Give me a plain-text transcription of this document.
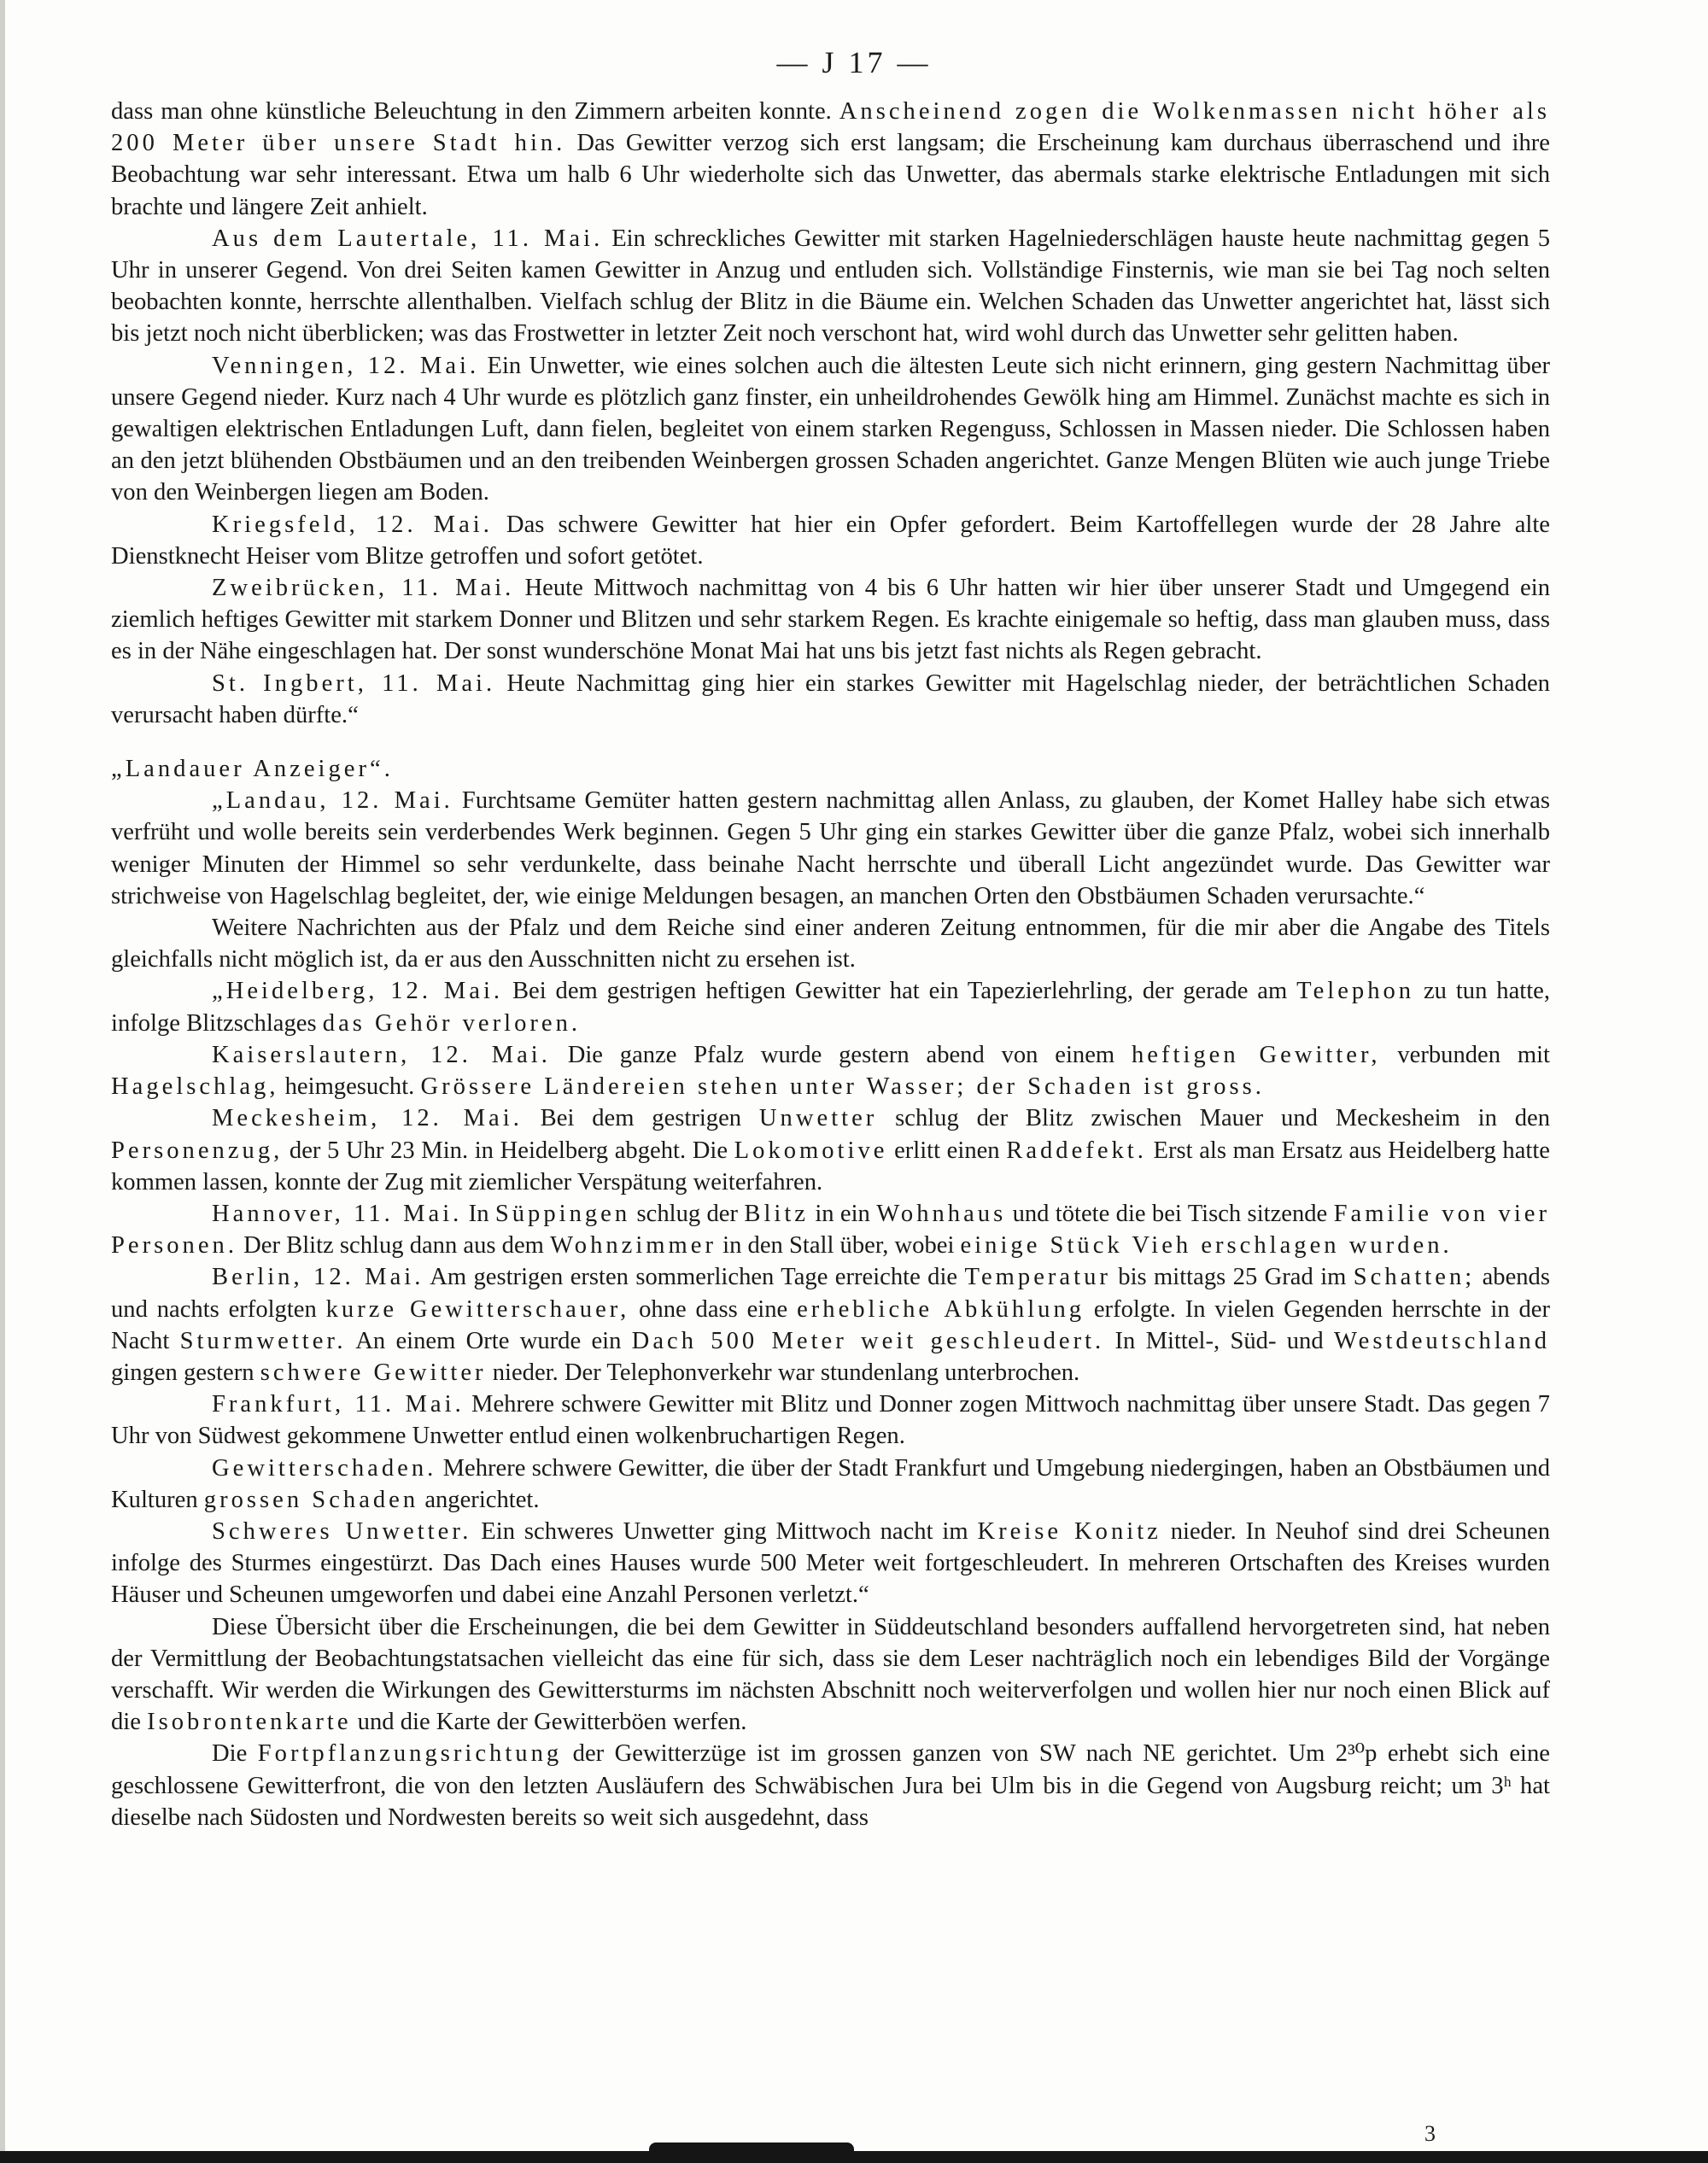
— J 17 —

dass man ohne künstliche Beleuchtung in den Zimmern arbeiten konnte. Anscheinend zogen die Wolkenmassen nicht höher als 200 Meter über unsere Stadt hin. Das Gewitter verzog sich erst langsam; die Erscheinung kam durchaus überraschend und ihre Beobachtung war sehr interessant. Etwa um halb 6 Uhr wiederholte sich das Unwetter, das abermals starke elektrische Entladungen mit sich brachte und längere Zeit anhielt.

Aus dem Lautertale, 11. Mai. Ein schreckliches Gewitter mit starken Hagelniederschlägen hauste heute nachmittag gegen 5 Uhr in unserer Gegend. Von drei Seiten kamen Gewitter in Anzug und entluden sich. Vollständige Finsternis, wie man sie bei Tag noch selten beobachten konnte, herrschte allenthalben. Vielfach schlug der Blitz in die Bäume ein. Welchen Schaden das Unwetter angerichtet hat, lässt sich bis jetzt noch nicht überblicken; was das Frostwetter in letzter Zeit noch verschont hat, wird wohl durch das Unwetter sehr gelitten haben.

Venningen, 12. Mai. Ein Unwetter, wie eines solchen auch die ältesten Leute sich nicht erinnern, ging gestern Nachmittag über unsere Gegend nieder. Kurz nach 4 Uhr wurde es plötzlich ganz finster, ein unheildrohendes Gewölk hing am Himmel. Zunächst machte es sich in gewaltigen elektrischen Entladungen Luft, dann fielen, begleitet von einem starken Regenguss, Schlossen in Massen nieder. Die Schlossen haben an den jetzt blühenden Obstbäumen und an den treibenden Weinbergen grossen Schaden angerichtet. Ganze Mengen Blüten wie auch junge Triebe von den Weinbergen liegen am Boden.

Kriegsfeld, 12. Mai. Das schwere Gewitter hat hier ein Opfer gefordert. Beim Kartoffellegen wurde der 28 Jahre alte Dienstknecht Heiser vom Blitze getroffen und sofort getötet.

Zweibrücken, 11. Mai. Heute Mittwoch nachmittag von 4 bis 6 Uhr hatten wir hier über unserer Stadt und Umgegend ein ziemlich heftiges Gewitter mit starkem Donner und Blitzen und sehr starkem Regen. Es krachte einigemale so heftig, dass man glauben muss, dass es in der Nähe eingeschlagen hat. Der sonst wunderschöne Monat Mai hat uns bis jetzt fast nichts als Regen gebracht.

St. Ingbert, 11. Mai. Heute Nachmittag ging hier ein starkes Gewitter mit Hagelschlag nieder, der beträchtlichen Schaden verursacht haben dürfte.“

„Landauer Anzeiger“.

„Landau, 12. Mai. Furchtsame Gemüter hatten gestern nachmittag allen Anlass, zu glauben, der Komet Halley habe sich etwas verfrüht und wolle bereits sein verderbendes Werk beginnen. Gegen 5 Uhr ging ein starkes Gewitter über die ganze Pfalz, wobei sich innerhalb weniger Minuten der Himmel so sehr verdunkelte, dass beinahe Nacht herrschte und überall Licht angezündet wurde. Das Gewitter war strichweise von Hagelschlag begleitet, der, wie einige Meldungen besagen, an manchen Orten den Obstbäumen Schaden verursachte.“

Weitere Nachrichten aus der Pfalz und dem Reiche sind einer anderen Zeitung entnommen, für die mir aber die Angabe des Titels gleichfalls nicht möglich ist, da er aus den Ausschnitten nicht zu ersehen ist.

„Heidelberg, 12. Mai. Bei dem gestrigen heftigen Gewitter hat ein Tapezierlehrling, der gerade am Telephon zu tun hatte, infolge Blitzschlages das Gehör verloren.

Kaiserslautern, 12. Mai. Die ganze Pfalz wurde gestern abend von einem heftigen Gewitter, verbunden mit Hagelschlag, heimgesucht. Grössere Ländereien stehen unter Wasser; der Schaden ist gross.

Meckesheim, 12. Mai. Bei dem gestrigen Unwetter schlug der Blitz zwischen Mauer und Meckesheim in den Personenzug, der 5 Uhr 23 Min. in Heidelberg abgeht. Die Lokomotive erlitt einen Raddefekt. Erst als man Ersatz aus Heidelberg hatte kommen lassen, konnte der Zug mit ziemlicher Verspätung weiterfahren.

Hannover, 11. Mai. In Süppingen schlug der Blitz in ein Wohnhaus und tötete die bei Tisch sitzende Familie von vier Personen. Der Blitz schlug dann aus dem Wohnzimmer in den Stall über, wobei einige Stück Vieh erschlagen wurden.

Berlin, 12. Mai. Am gestrigen ersten sommerlichen Tage erreichte die Temperatur bis mittags 25 Grad im Schatten; abends und nachts erfolgten kurze Gewitterschauer, ohne dass eine erhebliche Abkühlung erfolgte. In vielen Gegenden herrschte in der Nacht Sturmwetter. An einem Orte wurde ein Dach 500 Meter weit geschleudert. In Mittel-, Süd- und Westdeutschland gingen gestern schwere Gewitter nieder. Der Telephonverkehr war stundenlang unterbrochen.

Frankfurt, 11. Mai. Mehrere schwere Gewitter mit Blitz und Donner zogen Mittwoch nachmittag über unsere Stadt. Das gegen 7 Uhr von Südwest gekommene Unwetter entlud einen wolkenbruchartigen Regen.

Gewitterschaden. Mehrere schwere Gewitter, die über der Stadt Frankfurt und Umgebung niedergingen, haben an Obstbäumen und Kulturen grossen Schaden angerichtet.

Schweres Unwetter. Ein schweres Unwetter ging Mittwoch nacht im Kreise Konitz nieder. In Neuhof sind drei Scheunen infolge des Sturmes eingestürzt. Das Dach eines Hauses wurde 500 Meter weit fortgeschleudert. In mehreren Ortschaften des Kreises wurden Häuser und Scheunen umgeworfen und dabei eine Anzahl Personen verletzt.“

Diese Übersicht über die Erscheinungen, die bei dem Gewitter in Süddeutschland besonders auffallend hervorgetreten sind, hat neben der Vermittlung der Beobachtungstatsachen vielleicht das eine für sich, dass sie dem Leser nachträglich noch ein lebendiges Bild der Vorgänge verschafft. Wir werden die Wirkungen des Gewittersturms im nächsten Abschnitt noch weiterverfolgen und wollen hier nur noch einen Blick auf die Isobrontenkarte und die Karte der Gewitterböen werfen.

Die Fortpflanzungsrichtung der Gewitterzüge ist im grossen ganzen von SW nach NE gerichtet. Um 2³⁰p erhebt sich eine geschlossene Gewitterfront, die von den letzten Ausläufern des Schwäbischen Jura bei Ulm bis in die Gegend von Augsburg reicht; um 3ʰ hat dieselbe nach Südosten und Nordwesten bereits so weit sich ausgedehnt, dass

3
